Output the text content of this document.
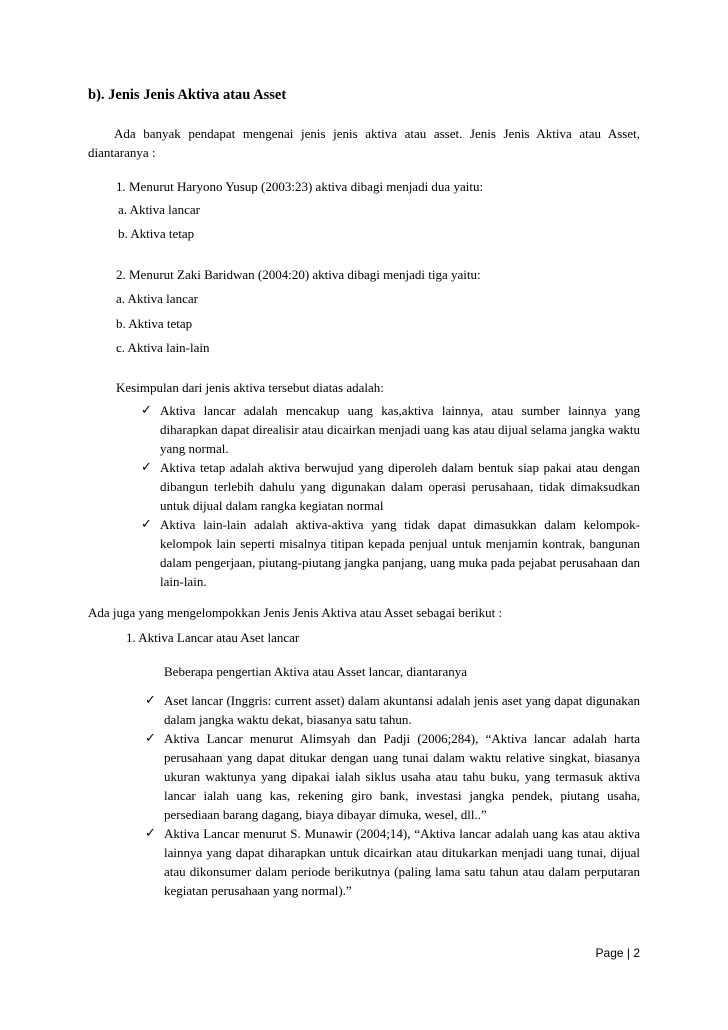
b). Jenis Jenis Aktiva atau Asset
Ada banyak pendapat mengenai jenis jenis aktiva atau asset. Jenis Jenis Aktiva atau Asset, diantaranya :
1. Menurut Haryono Yusup (2003:23) aktiva dibagi menjadi dua yaitu:
a. Aktiva lancar
b. Aktiva tetap
2. Menurut Zaki Baridwan (2004:20) aktiva dibagi menjadi tiga yaitu:
a. Aktiva lancar
b. Aktiva tetap
c. Aktiva lain-lain
Kesimpulan dari jenis aktiva tersebut diatas adalah:
✓ Aktiva lancar adalah mencakup uang kas,aktiva lainnya, atau sumber lainnya yang diharapkan dapat direalisir atau dicairkan menjadi uang kas atau dijual selama jangka waktu yang normal.
✓ Aktiva tetap adalah aktiva berwujud yang diperoleh dalam bentuk siap pakai atau dengan dibangun terlebih dahulu yang digunakan dalam operasi perusahaan, tidak dimaksudkan untuk dijual dalam rangka kegiatan normal
✓ Aktiva lain-lain adalah aktiva-aktiva yang tidak dapat dimasukkan dalam kelompok-kelompok lain seperti misalnya titipan kepada penjual untuk menjamin kontrak, bangunan dalam pengerjaan, piutang-piutang jangka panjang, uang muka pada pejabat perusahaan dan lain-lain.
Ada juga yang mengelompokkan Jenis Jenis Aktiva atau Asset sebagai berikut :
1. Aktiva Lancar atau Aset lancar
Beberapa pengertian Aktiva atau Asset lancar, diantaranya
✓ Aset lancar (Inggris: current asset) dalam akuntansi adalah jenis aset yang dapat digunakan dalam jangka waktu dekat, biasanya satu tahun.
✓ Aktiva Lancar menurut Alimsyah dan Padji (2006;284), “Aktiva lancar adalah harta perusahaan yang dapat ditukar dengan uang tunai dalam waktu relative singkat, biasanya ukuran waktunya yang dipakai ialah siklus usaha atau tahu buku, yang termasuk aktiva lancar ialah uang kas, rekening giro bank, investasi jangka pendek, piutang usaha, persediaan barang dagang, biaya dibayar dimuka, wesel, dll..”
✓ Aktiva Lancar menurut S. Munawir (2004;14), “Aktiva lancar adalah uang kas atau aktiva lainnya yang dapat diharapkan untuk dicairkan atau ditukarkan menjadi uang tunai, dijual atau dikonsumer dalam periode berikutnya (paling lama satu tahun atau dalam perputaran kegiatan perusahaan yang normal).”
Page | 2
